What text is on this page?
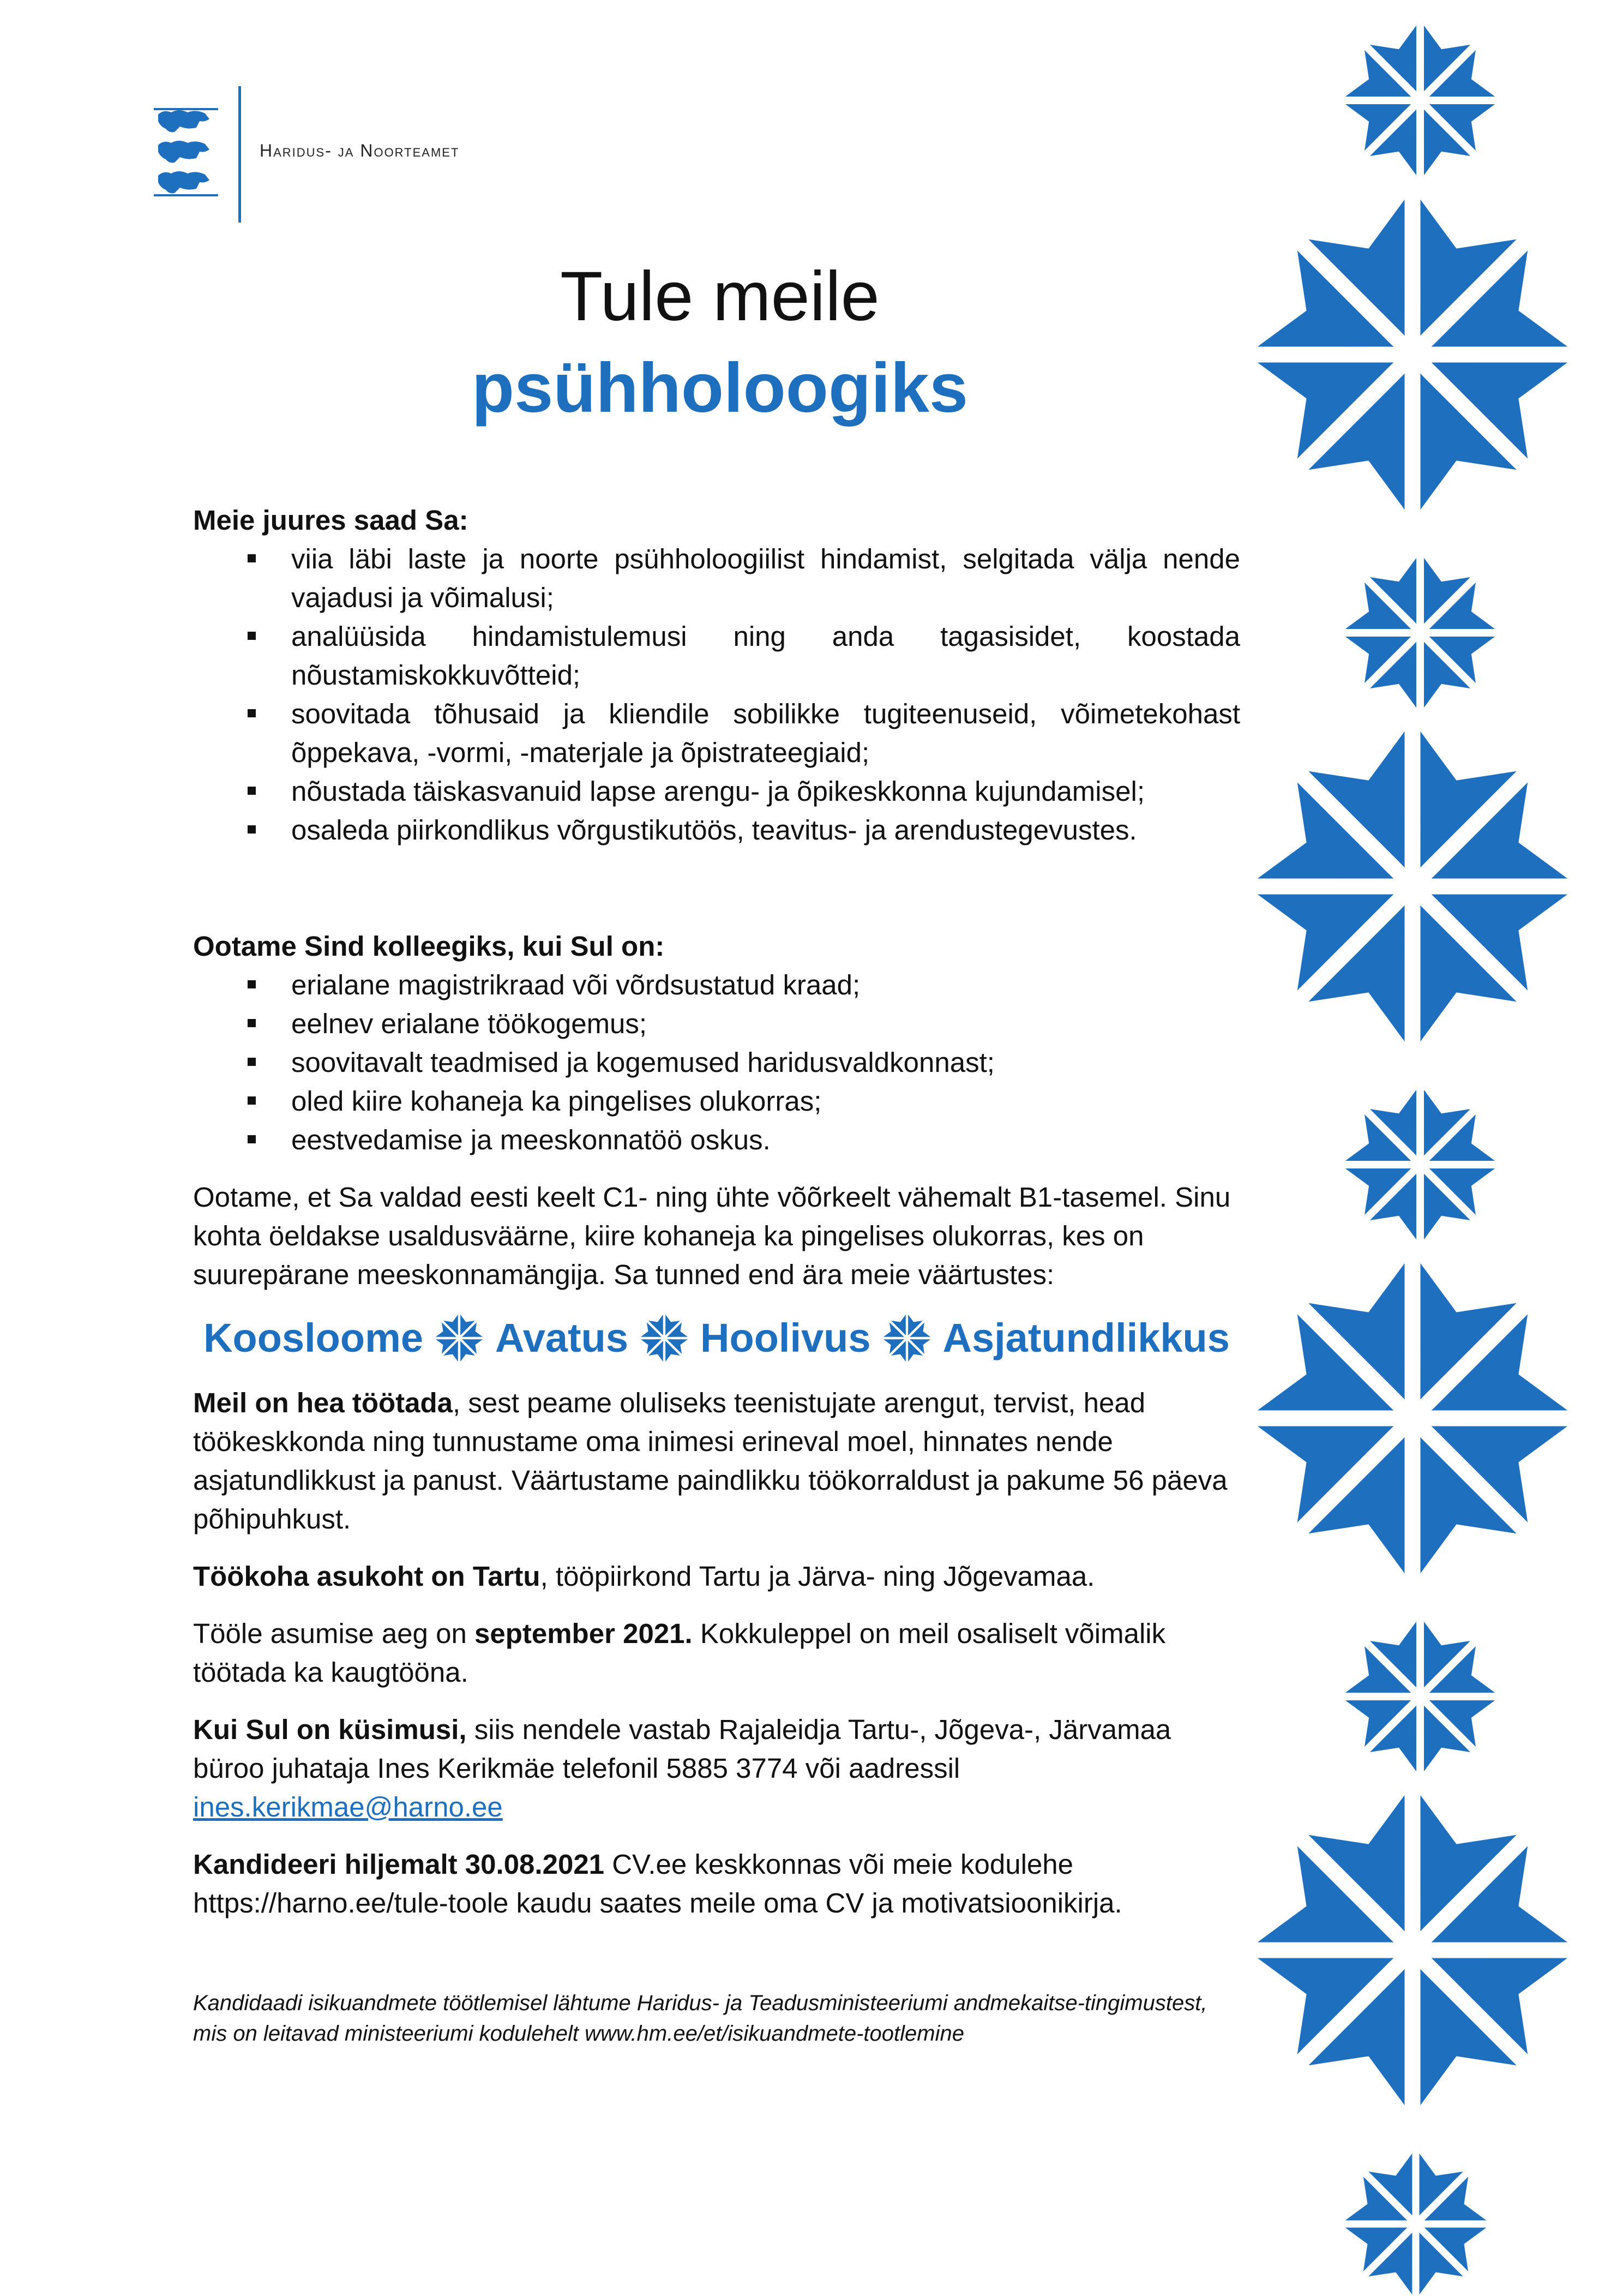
Haridus- ja Noorteamet
Tule meile
psühholoogiks

Meie juures saad Sa:

viia läbi laste ja noorte psühholoogiilist hindamist, selgitada välja nende vajadusi ja võimalusi;
analüüsida hindamistulemusi ning anda tagasisidet, koostada nõustamiskokkuvõtteid;
soovitada tõhusaid ja kliendile sobilikke tugiteenuseid, võimetekohast õppekava, -vormi, -materjale ja õpistrateegiaid;
nõustada täiskasvanuid lapse arengu- ja õpikeskkonna kujundamisel;
osaleda piirkondlikus võrgustikutöös, teavitus- ja arendustegevustes.

Ootame Sind kolleegiks, kui Sul on:

erialane magistrikraad või võrdsustatud kraad;
eelnev erialane töökogemus;
soovitavalt teadmised ja kogemused haridusvaldkonnast;
oled kiire kohaneja ka pingelises olukorras;
eestvedamise ja meeskonnatöö oskus.

Ootame, et Sa valdad eesti keelt C1- ning ühte võõrkeelt vähemalt B1-tasemel. Sinu kohta öeldakse usaldusväärne, kiire kohaneja ka pingelises olukorras, kes on suurepärane meeskonnamängija. Sa tunned end ära meie väärtustes:

Koosloome Avatus Hoolivus Asjatundlikkus

Meil on hea töötada, sest peame oluliseks teenistujate arengut, tervist, head töökeskkonda ning tunnustame oma inimesi erineval moel, hinnates nende asjatundlikkust ja panust. Väärtustame paindlikku töökorraldust ja pakume 56 päeva põhipuhkust.

Töökoha asukoht on Tartu, tööpiirkond Tartu ja Järva- ning Jõgevamaa.

Tööle asumise aeg on september 2021. Kokkuleppel on meil osaliselt võimalik töötada ka kaugtööna.

Kui Sul on küsimusi, siis nendele vastab Rajaleidja Tartu-, Jõgeva-, Järvamaa büroo juhataja Ines Kerikmäe telefonil 5885 3774 või aadressil
ines.kerikmae@harno.ee

Kandideeri hiljemalt 30.08.2021 CV.ee keskkonnas või meie kodulehe https://harno.ee/tule-toole kaudu saates meile oma CV ja motivatsioonikirja.

Kandidaadi isikuandmete töötlemisel lähtume Haridus- ja Teadusministeeriumi andmekaitse-tingimustest, mis on leitavad ministeeriumi kodulehelt www.hm.ee/et/isikuandmete-tootlemine
